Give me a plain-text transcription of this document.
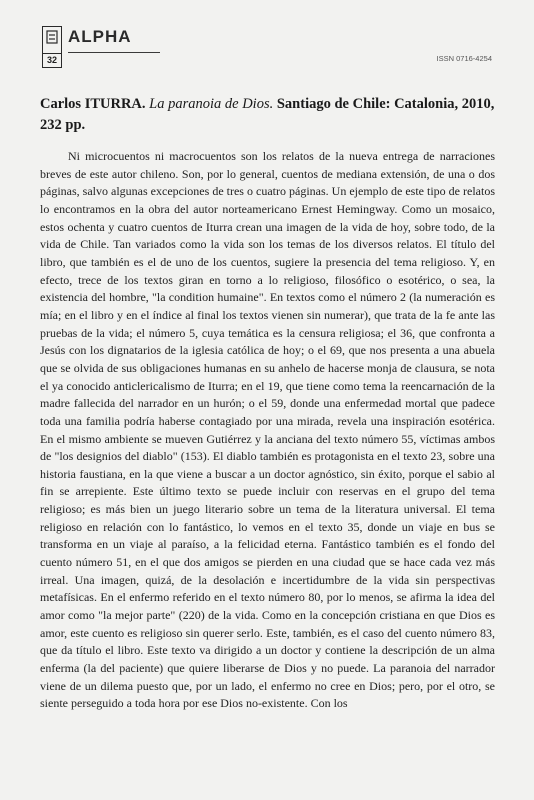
32
ALPHA
ISSN 0716-4254
Carlos ITURRA. La paranoia de Dios. Santiago de Chile: Catalonia, 2010, 232 pp.

Ni microcuentos ni macrocuentos son los relatos de la nueva entrega de narraciones breves de este autor chileno. Son, por lo general, cuentos de mediana extensión, de una o dos páginas, salvo algunas excepciones de tres o cuatro páginas. Un ejemplo de este tipo de relatos lo encontramos en la obra del autor norteamericano Ernest Hemingway. Como un mosaico, estos ochenta y cuatro cuentos de Iturra crean una imagen de la vida de hoy, sobre todo, de la vida de Chile. Tan variados como la vida son los temas de los diversos relatos. El título del libro, que también es el de uno de los cuentos, sugiere la presencia del tema religioso. Y, en efecto, trece de los textos giran en torno a lo religioso, filosófico o esotérico, o sea, la existencia del hombre, "la condition humaine". En textos como el número 2 (la numeración es mía; en el libro y en el índice al final los textos vienen sin numerar), que trata de la fe ante las pruebas de la vida; el número 5, cuya temática es la censura religiosa; el 36, que confronta a Jesús con los dignatarios de la iglesia católica de hoy; o el 69, que nos presenta a una abuela que se olvida de sus obligaciones humanas en su anhelo de hacerse monja de clausura, se nota el ya conocido anticlericalismo de Iturra; en el 19, que tiene como tema la reencarnación de la madre fallecida del narrador en un hurón; o el 59, donde una enfermedad mortal que padece toda una familia podría haberse contagiado por una mirada, revela una inspiración esotérica. En el mismo ambiente se mueven Gutiérrez y la anciana del texto número 55, víctimas ambos de "los designios del diablo" (153). El diablo también es protagonista en el texto 23, sobre una historia faustiana, en la que viene a buscar a un doctor agnóstico, sin éxito, porque el sabio al fin se arrepiente. Este último texto se puede incluir con reservas en el grupo del tema religioso; es más bien un juego literario sobre un tema de la literatura universal. El tema religioso en relación con lo fantástico, lo vemos en el texto 35, donde un viaje en bus se transforma en un viaje al paraíso, a la felicidad eterna. Fantástico también es el fondo del cuento número 51, en el que dos amigos se pierden en una ciudad que se hace cada vez más irreal. Una imagen, quizá, de la desolación e incertidumbre de la vida sin perspectivas metafísicas. En el enfermo referido en el texto número 80, por lo menos, se afirma la idea del amor como "la mejor parte" (220) de la vida. Como en la concepción cristiana en que Dios es amor, este cuento es religioso sin querer serlo. Este, también, es el caso del cuento número 83, que da título el libro. Este texto va dirigido a un doctor y contiene la descripción de un alma enferma (la del paciente) que quiere liberarse de Dios y no puede. La paranoia del narrador viene de un dilema puesto que, por un lado, el enfermo no cree en Dios; pero, por el otro, se siente perseguido a toda hora por ese Dios no-existente. Con los
